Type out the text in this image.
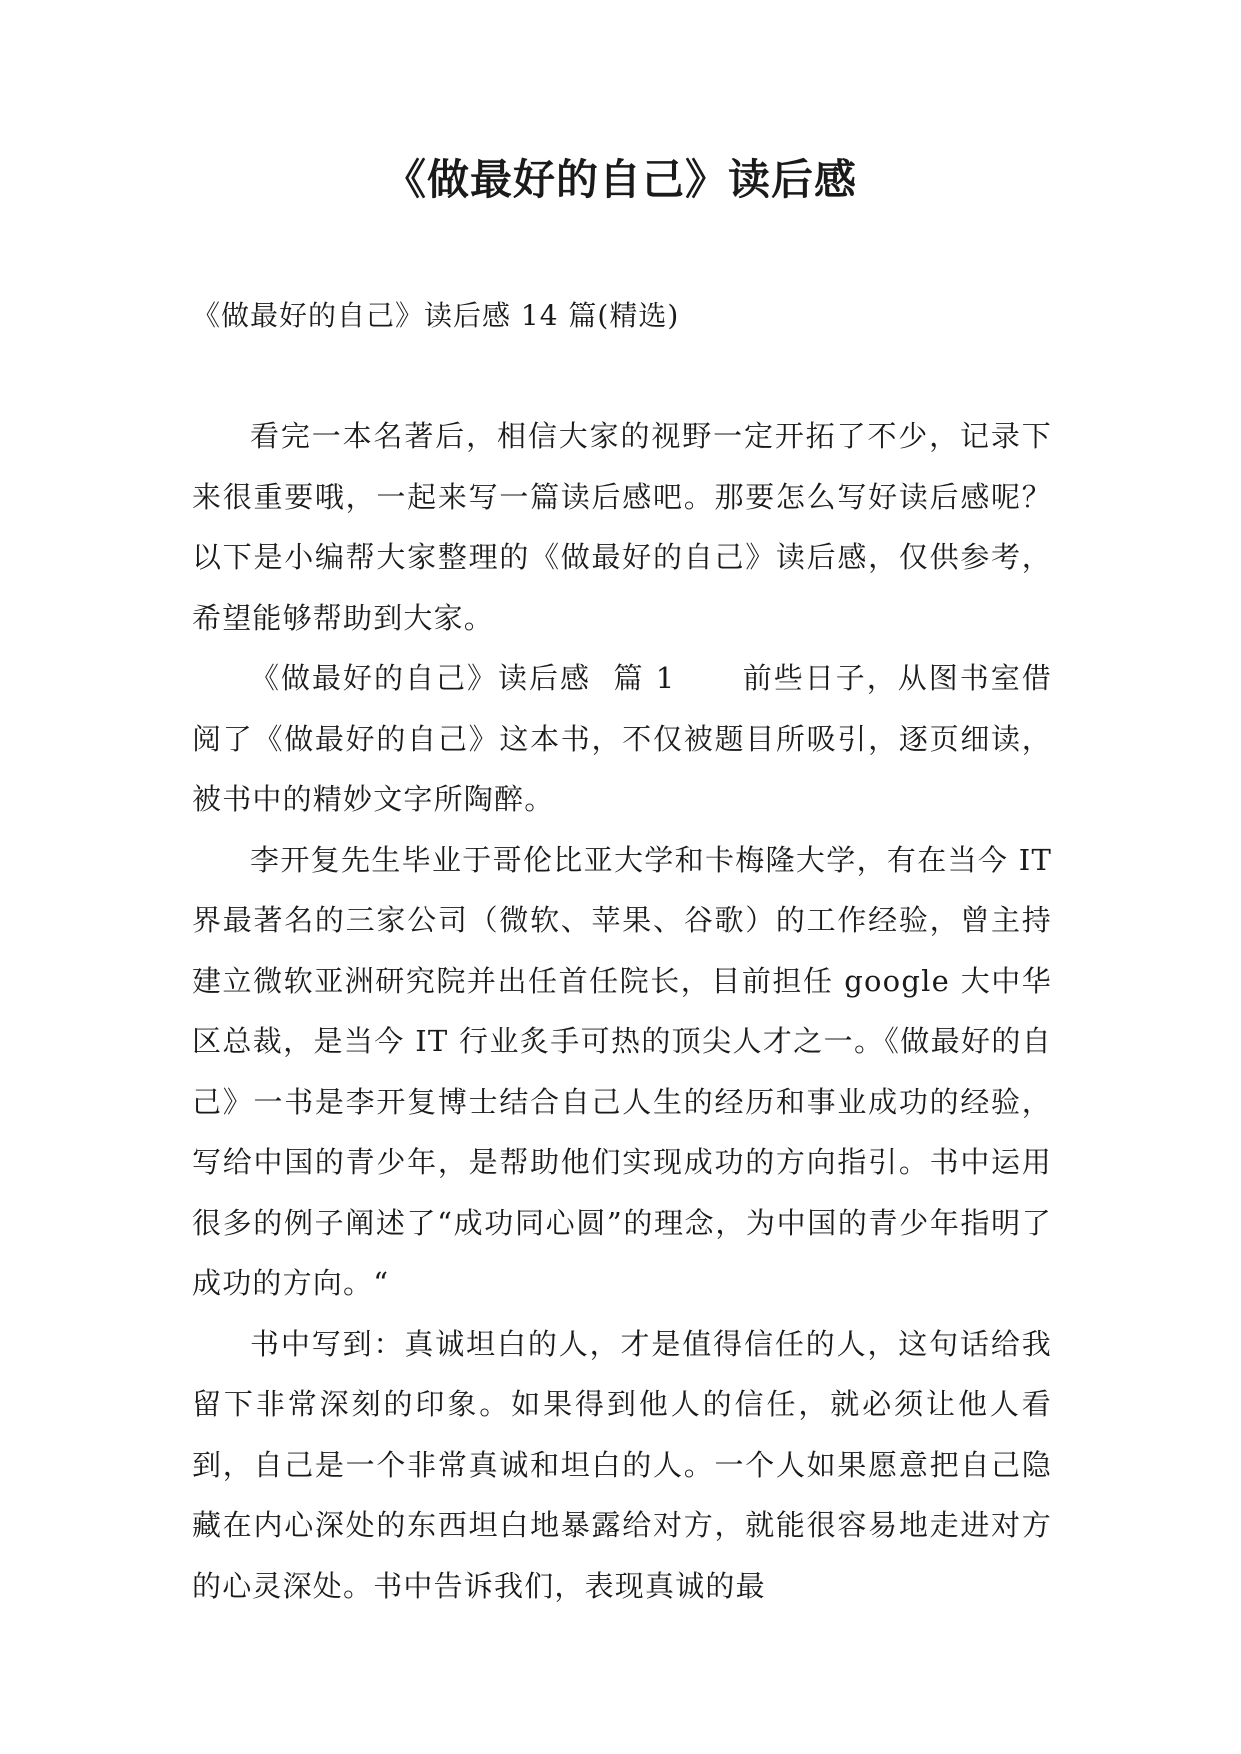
《做最好的自己》读后感

《做最好的自己》读后感 14 篇(精选)

看完一本名著后，相信大家的视野一定开拓了不少，记录下来很重要哦，一起来写一篇读后感吧。那要怎么写好读后感呢？以下是小编帮大家整理的《做最好的自己》读后感，仅供参考，希望能够帮助到大家。

《做最好的自己》读后感  篇 1      前些日子，从图书室借阅了《做最好的自己》这本书，不仅被题目所吸引，逐页细读，被书中的精妙文字所陶醉。

李开复先生毕业于哥伦比亚大学和卡梅隆大学，有在当今 IT 界最著名的三家公司（微软、苹果、谷歌）的工作经验，曾主持建立微软亚洲研究院并出任首任院长，目前担任 google 大中华区总裁，是当今 IT 行业炙手可热的顶尖人才之一。《做最好的自己》一书是李开复博士结合自己人生的经历和事业成功的经验，写给中国的青少年，是帮助他们实现成功的方向指引。书中运用很多的例子阐述了“成功同心圆”的理念，为中国的青少年指明了成功的方向。“

书中写到：真诚坦白的人，才是值得信任的人，这句话给我留下非常深刻的印象。如果得到他人的信任，就必须让他人看到，自己是一个非常真诚和坦白的人。一个人如果愿意把自己隐藏在内心深处的东西坦白地暴露给对方，就能很容易地走进对方的心灵深处。书中告诉我们，表现真诚的最
